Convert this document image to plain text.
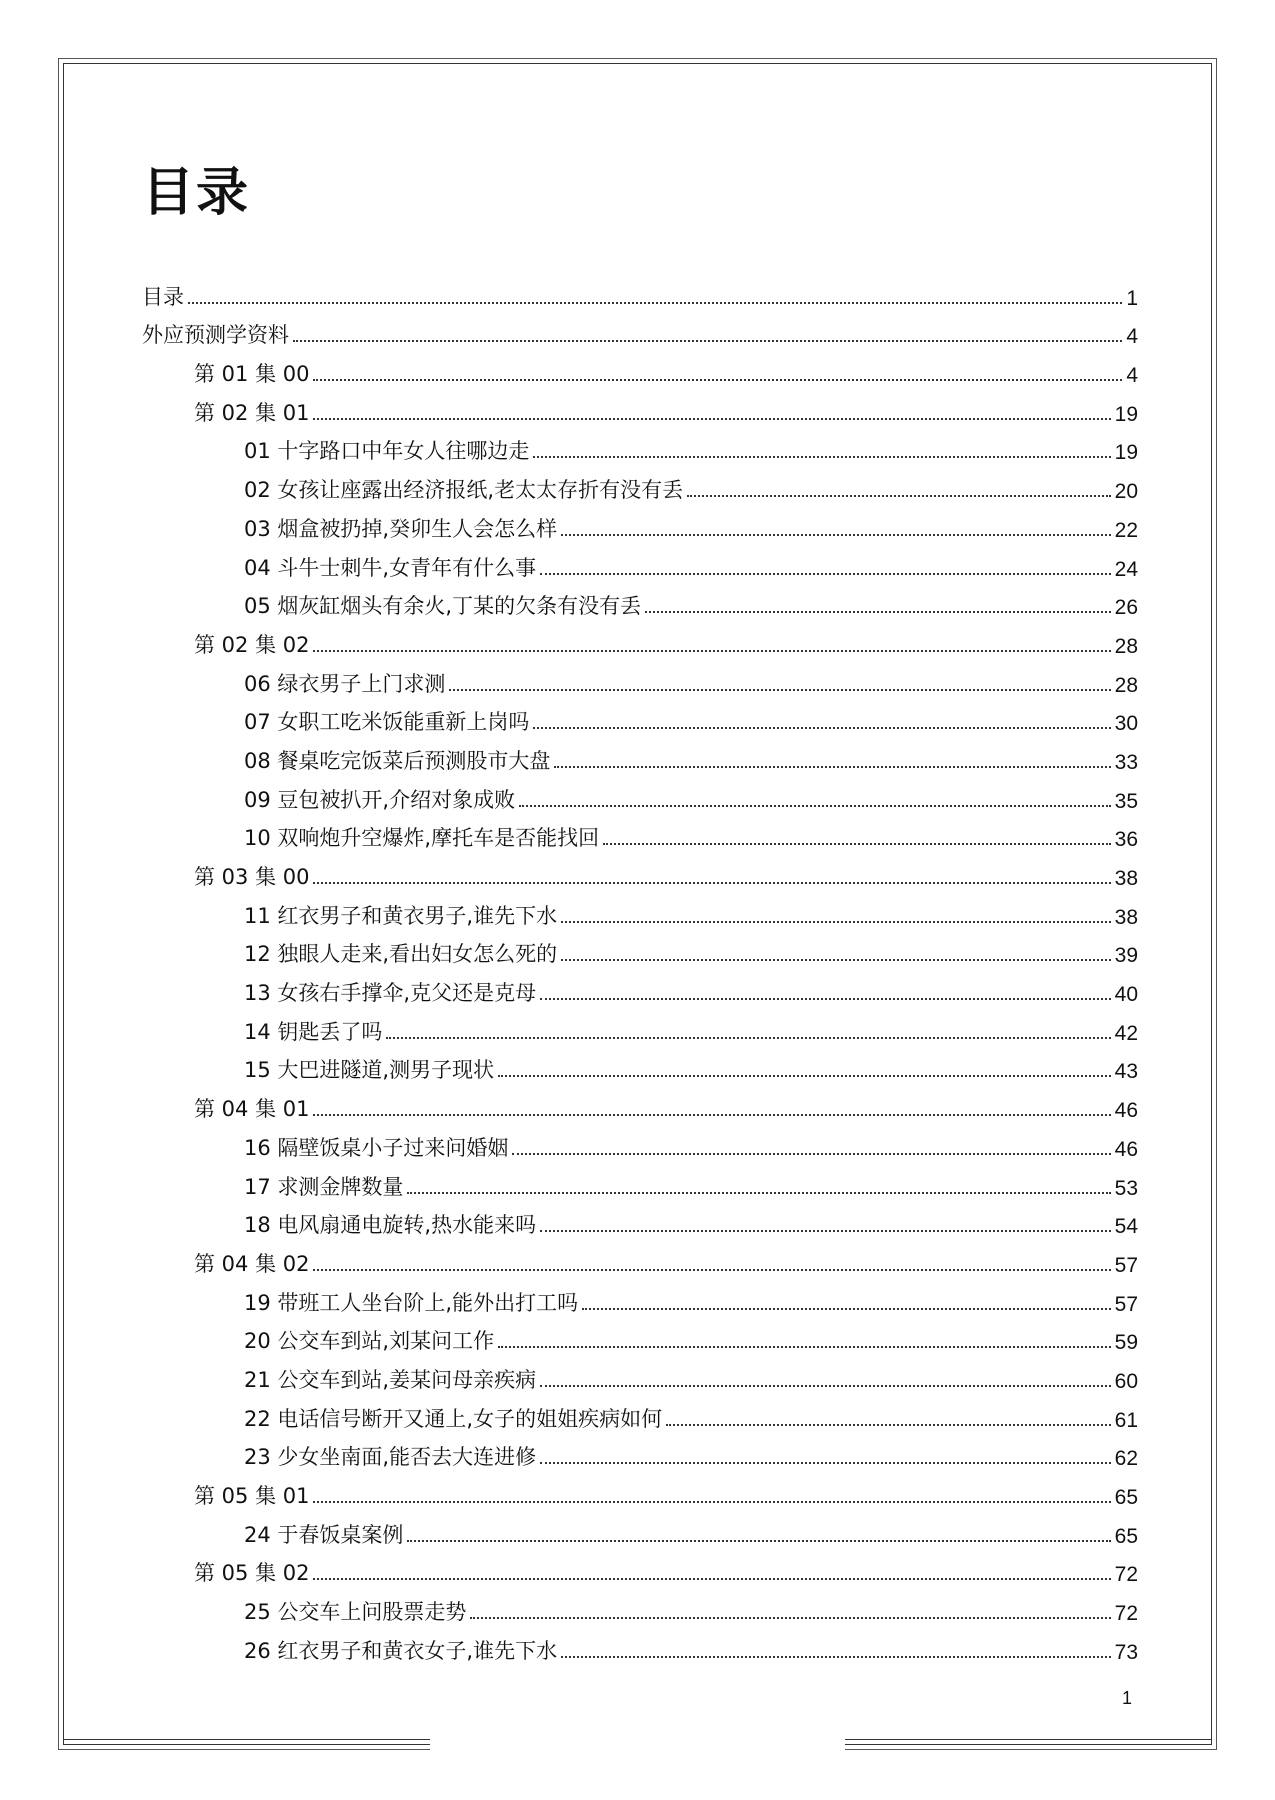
目录
目录	1
外应预测学资料	4
第 01 集 00	4
第 02 集 01	19
01 十字路口中年女人往哪边走	19
02 女孩让座露出经济报纸,老太太存折有没有丢	20
03 烟盒被扔掉,癸卯生人会怎么样	22
04 斗牛士刺牛,女青年有什么事	24
05 烟灰缸烟头有余火,丁某的欠条有没有丢	26
第 02 集 02	28
06 绿衣男子上门求测	28
07 女职工吃米饭能重新上岗吗	30
08 餐桌吃完饭菜后预测股市大盘	33
09 豆包被扒开,介绍对象成败	35
10 双响炮升空爆炸,摩托车是否能找回	36
第 03 集 00	38
11 红衣男子和黄衣男子,谁先下水	38
12 独眼人走来,看出妇女怎么死的	39
13 女孩右手撑伞,克父还是克母	40
14 钥匙丢了吗	42
15 大巴进隧道,测男子现状	43
第 04 集 01	46
16 隔壁饭桌小子过来问婚姻	46
17 求测金牌数量	53
18 电风扇通电旋转,热水能来吗	54
第 04 集 02	57
19 带班工人坐台阶上,能外出打工吗	57
20 公交车到站,刘某问工作	59
21 公交车到站,姜某问母亲疾病	60
22 电话信号断开又通上,女子的姐姐疾病如何	61
23 少女坐南面,能否去大连进修	62
第 05 集 01	65
24 于春饭桌案例	65
第 05 集 02	72
25 公交车上问股票走势	72
26 红衣男子和黄衣女子,谁先下水	73
1
